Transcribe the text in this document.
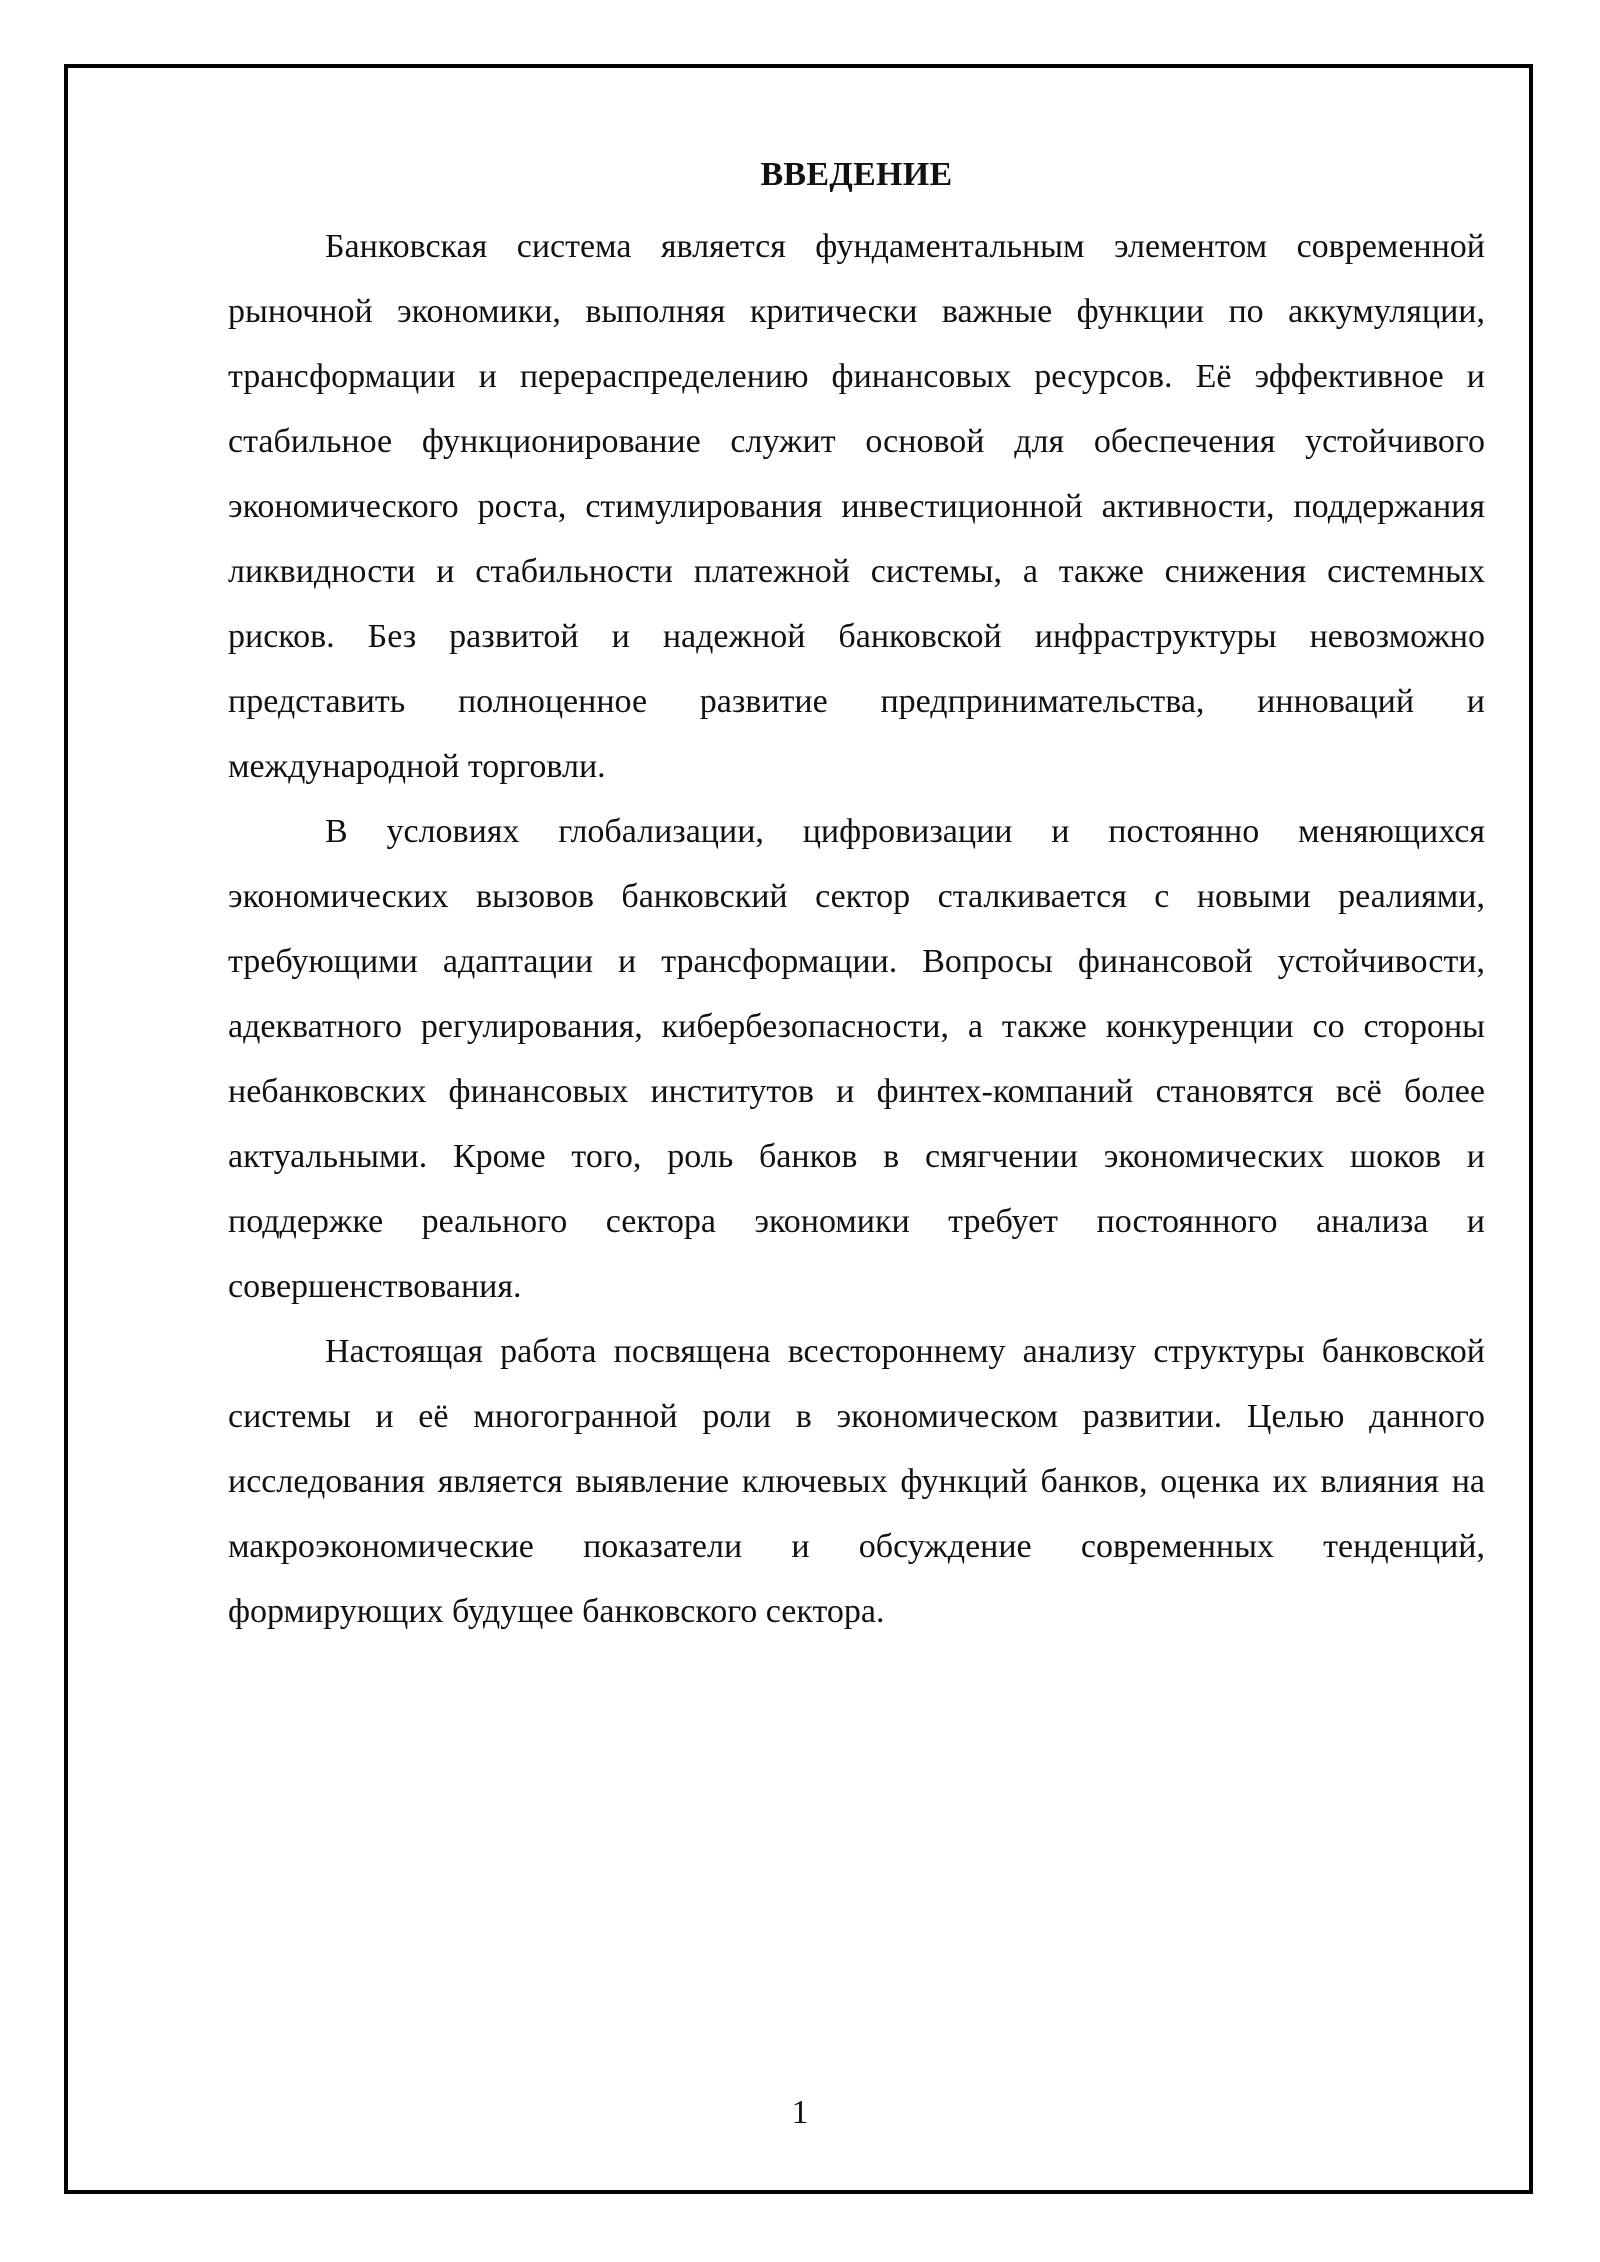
ВВЕДЕНИЕ

Банковская система является фундаментальным элементом современной рыночной экономики, выполняя критически важные функции по аккумуляции, трансформации и перераспределению финансовых ресурсов. Её эффективное и стабильное функционирование служит основой для обеспечения устойчивого экономического роста, стимулирования инвестиционной активности, поддержания ликвидности и стабильности платежной системы, а также снижения системных рисков. Без развитой и надежной банковской инфраструктуры невозможно представить полноценное развитие предпринимательства, инноваций и международной торговли.

В условиях глобализации, цифровизации и постоянно меняющихся экономических вызовов банковский сектор сталкивается с новыми реалиями, требующими адаптации и трансформации. Вопросы финансовой устойчивости, адекватного регулирования, кибербезопасности, а также конкуренции со стороны небанковских финансовых институтов и финтех-компаний становятся всё более актуальными. Кроме того, роль банков в смягчении экономических шоков и поддержке реального сектора экономики требует постоянного анализа и совершенствования.

Настоящая работа посвящена всестороннему анализу структуры банковской системы и её многогранной роли в экономическом развитии. Целью данного исследования является выявление ключевых функций банков, оценка их влияния на макроэкономические показатели и обсуждение современных тенденций, формирующих будущее банковского сектора.

1
